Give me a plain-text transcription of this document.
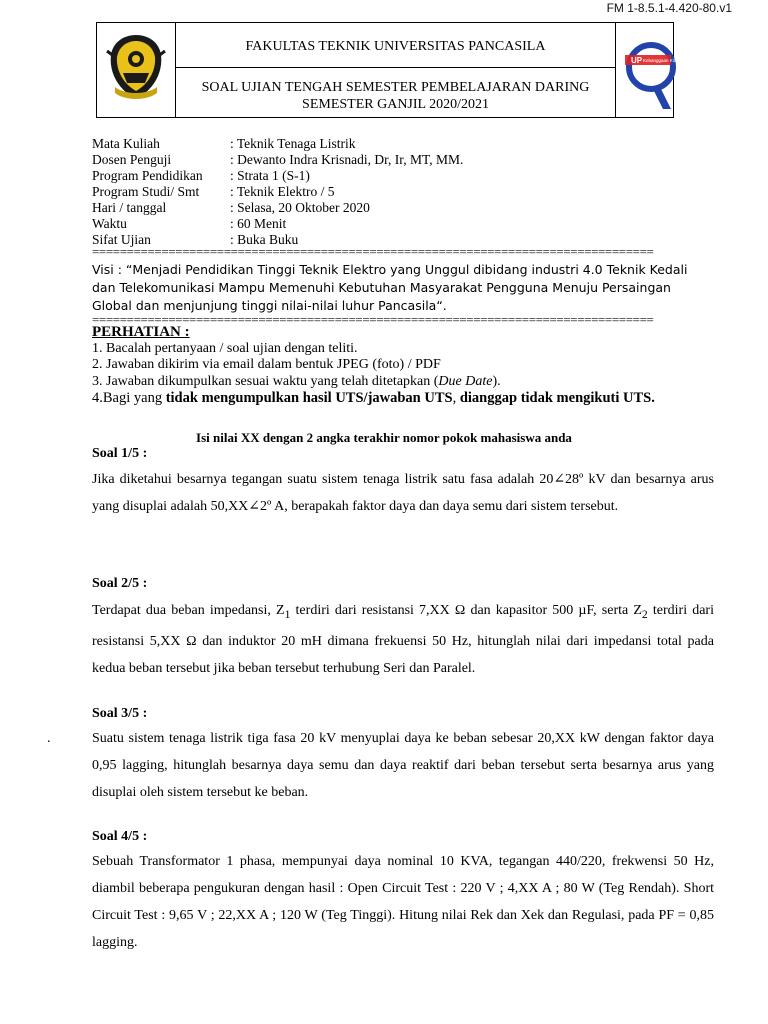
FM 1-8.5.1-4.420-80.v1
FAKULTAS TEKNIK UNIVERSITAS PANCASILA
SOAL UJIAN TENGAH SEMESTER PEMBELAJARAN DARING
SEMESTER GANJIL 2020/2021
UP Kebanggaan Kita
Mata Kuliah	: Teknik Tenaga Listrik
Dosen Penguji	: Dewanto Indra Krisnadi, Dr, Ir, MT, MM.
Program Pendidikan	: Strata 1 (S-1)
Program Studi/ Smt	: Teknik Elektro / 5
Hari / tanggal	: Selasa, 20 Oktober 2020
Waktu	: 60 Menit
Sifat Ujian	: Buka Buku
=================================================================================
Visi : “Menjadi Pendidikan Tinggi Teknik Elektro yang Unggul dibidang industri 4.0 Teknik Kedali dan Telekomunikasi Mampu Memenuhi Kebutuhan Masyarakat Pengguna Menuju Persaingan Global dan menjunjung tinggi nilai-nilai luhur Pancasila“.
=================================================================================
PERHATIAN :
1. Bacalah pertanyaan / soal ujian dengan teliti.
2. Jawaban dikirim via email dalam bentuk JPEG (foto) / PDF
3. Jawaban dikumpulkan sesuai waktu yang telah ditetapkan (Due Date).
4.Bagi yang tidak mengumpulkan hasil UTS/jawaban UTS, dianggap tidak mengikuti UTS.
Isi nilai XX dengan 2 angka terakhir nomor pokok mahasiswa anda
Soal 1/5 :
Jika diketahui besarnya tegangan suatu sistem tenaga listrik satu fasa adalah 20∠28º kV dan besarnya arus yang disuplai adalah 50,XX∠2º A, berapakah faktor daya dan daya semu dari sistem tersebut.
Soal 2/5 :
Terdapat dua beban impedansi, $Z_1$ terdiri dari resistansi 7,XX Ω dan kapasitor 500 µF, serta $Z_2$ terdiri dari resistansi 5,XX Ω dan induktor 20 mH dimana frekuensi 50 Hz, hitunglah nilai dari impedansi total pada kedua beban tersebut jika beban tersebut terhubung Seri dan Paralel.
Soal 3/5 :
Suatu sistem tenaga listrik tiga fasa 20 kV menyuplai daya ke beban sebesar 20,XX kW dengan faktor daya 0,95 lagging, hitunglah besarnya daya semu dan daya reaktif dari beban tersebut serta besarnya arus yang disuplai oleh sistem tersebut ke beban.
Soal 4/5 :
Sebuah Transformator 1 phasa, mempunyai daya nominal 10 KVA, tegangan 440/220, frekwensi 50 Hz, diambil beberapa pengukuran dengan hasil : Open Circuit Test : 220 V ; 4,XX A ; 80 W (Teg Rendah). Short Circuit Test : 9,65 V ; 22,XX A ; 120 W (Teg Tinggi). Hitung nilai Rek dan Xek dan Regulasi, pada PF = 0,85 lagging.
.
